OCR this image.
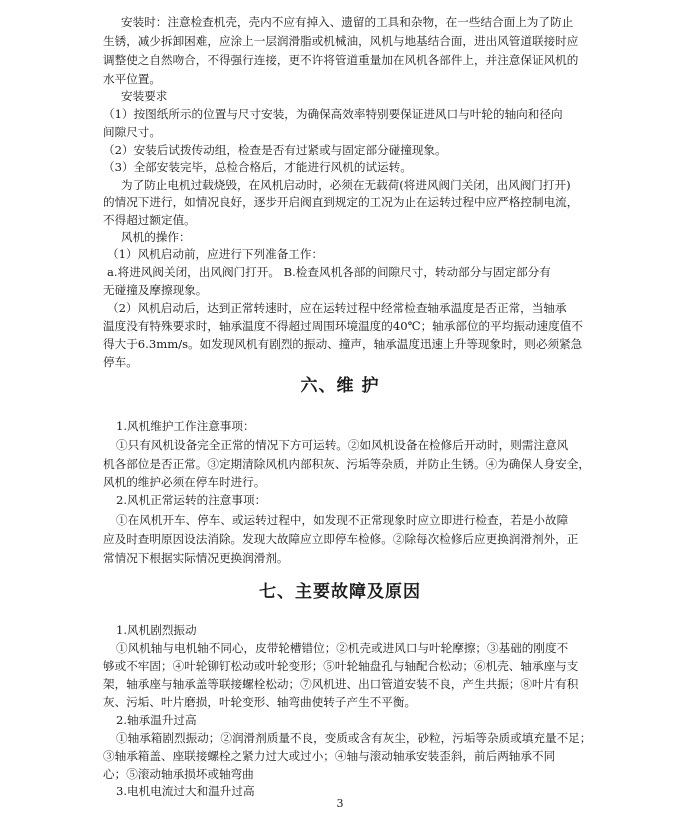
安装时：注意检查机壳，壳内不应有掉入、遗留的工具和杂物，在一些结合面上为了防止
生锈，减少拆卸困难，应涂上一层润滑脂或机械油，风机与地基结合面，进出风管道联接时应
调整使之自然吻合，不得强行连接，更不许将管道重量加在风机各部件上，并注意保证风机的
水平位置。
安装要求
（1）按图纸所示的位置与尺寸安装，为确保高效率特别要保证进风口与叶轮的轴向和径向
间隙尺寸。
（2）安装后试拨传动组，检查是否有过紧或与固定部分碰撞现象。
（3）全部安装完毕，总检合格后，才能进行风机的试运转。
为了防止电机过载烧毁，在风机启动时，必须在无载荷(将进风阀门关闭，出风阀门打开)
的情况下进行，如情况良好，逐步开启阀直到规定的工况为止在运转过程中应严格控制电流，
不得超过额定值。
风机的操作：
（1）风机启动前，应进行下列准备工作：
a.将进风阀关闭，出风阀门打开。 B.检查风机各部的间隙尺寸，转动部分与固定部分有
无碰撞及摩擦现象。
（2）风机启动后，达到正常转速时，应在运转过程中经常检查轴承温度是否正常，当轴承
温度没有特殊要求时，轴承温度不得超过周围环境温度的40℃；轴承部位的平均振动速度值不
得大于6.3mm/s。如发现风机有剧烈的振动、撞声，轴承温度迅速上升等现象时，则必须紧急
停车。
六、维 护
1.风机维护工作注意事项：
①只有风机设备完全正常的情况下方可运转。②如风机设备在检修后开动时，则需注意风
机各部位是否正常。③定期清除风机内部积灰、污垢等杂质，并防止生锈。④为确保人身安全，
风机的维护必须在停车时进行。
2.风机正常运转的注意事项：
①在风机开车、停车、或运转过程中，如发现不正常现象时应立即进行检查，若是小故障
应及时查明原因设法消除。发现大故障应立即停车检修。②除每次检修后应更换润滑剂外，正
常情况下根据实际情况更换润滑剂。
七、主要故障及原因
1.风机剧烈振动
①风机轴与电机轴不同心，皮带轮槽错位；②机壳或进风口与叶轮摩擦；③基础的刚度不
够或不牢固；④叶轮铆钉松动或叶轮变形；⑤叶轮轴盘孔与轴配合松动；⑥机壳、轴承座与支
架，轴承座与轴承盖等联接螺栓松动；⑦风机进、出口管道安装不良，产生共振；⑧叶片有积
灰、污垢、叶片磨损，叶轮变形、轴弯曲使转子产生不平衡。
2.轴承温升过高
①轴承箱剧烈振动；②润滑剂质量不良，变质或含有灰尘，砂粒，污垢等杂质或填充量不足；
③轴承箱盖、座联接螺栓之紧力过大或过小；④轴与滚动轴承安装歪斜，前后两轴承不同
心；⑤滚动轴承损坏或轴弯曲
3.电机电流过大和温升过高
3
